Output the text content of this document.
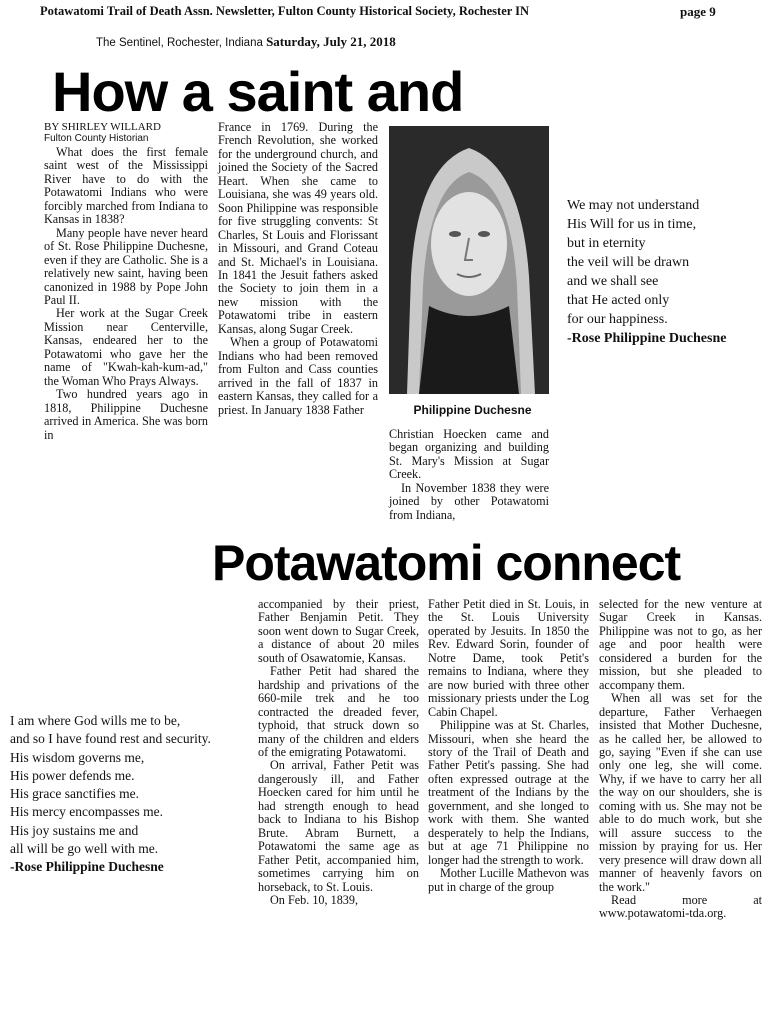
Potawatomi Trail of Death Assn. Newsletter, Fulton County Historical Society, Rochester IN	page 9
The Sentinel, Rochester, Indiana Saturday, July 21, 2018
How a saint and
BY SHIRLEY WILLARD
Fulton County Historian

What does the first female saint west of the Mississippi River have to do with the Potawatomi Indians who were forcibly marched from Indiana to Kansas in 1838?

Many people have never heard of St. Rose Philippine Duchesne, even if they are Catholic. She is a relatively new saint, having been canonized in 1988 by Pope John Paul II.

Her work at the Sugar Creek Mission near Centerville, Kansas, endeared her to the Potawatomi who gave her the name of "Kwah-kah-kum-ad," the Woman Who Prays Always.

Two hundred years ago in 1818, Philippine Duchesne arrived in America. She was born in

France in 1769. During the French Revolution, she worked for the underground church, and joined the Society of the Sacred Heart. When she came to Louisiana, she was 49 years old. Soon Philippine was responsible for five struggling convents: St Charles, St Louis and Florissant in Missouri, and Grand Coteau and St. Michael's in Louisiana. In 1841 the Jesuit fathers asked the Society to join them in a new mission with the Potawatomi tribe in eastern Kansas, along Sugar Creek.

When a group of Potawatomi Indians who had been removed from Fulton and Cass counties arrived in the fall of 1837 in eastern Kansas, they called for a priest. In January 1838 Father	Philippine Duchesne

Christian Hoecken came and began organizing and building St. Mary's Mission at Sugar Creek.

In November 1838 they were joined by other Potawatomi from Indiana,

We may not understand
His Will for us in time,
but in eternity
the veil will be drawn
and we shall see
that He acted only
for our happiness.
-Rose Philippine Duchesne
Potawatomi connect
I am where God wills me to be,
and so I have found rest and security.
His wisdom governs me,
His power defends me.
His grace sanctifies me.
His mercy encompasses me.
His joy sustains me and
all will be go well with me.
-Rose Philippine Duchesne

accompanied by their priest, Father Benjamin Petit. They soon went down to Sugar Creek, a distance of about 20 miles south of Osawatomie, Kansas.

Father Petit had shared the hardship and privations of the 660-mile trek and he too contracted the dreaded fever, typhoid, that struck down so many of the children and elders of the emigrating Potawatomi.

On arrival, Father Petit was dangerously ill, and Father Hoecken cared for him until he had strength enough to head back to Indiana to his Bishop Brute. Abram Burnett, a Potawatomi the same age as Father Petit, accompanied him, sometimes carrying him on horseback, to St. Louis.

On Feb. 10, 1839,

Father Petit died in St. Louis, in the St. Louis University operated by Jesuits. In 1850 the Rev. Edward Sorin, founder of Notre Dame, took Petit's remains to Indiana, where they are now buried with three other missionary priests under the Log Cabin Chapel.

Philippine was at St. Charles, Missouri, when she heard the story of the Trail of Death and Father Petit's passing. She had often expressed outrage at the treatment of the Indians by the government, and she longed to work with them. She wanted desperately to help the Indians, but at age 71 Philippine no longer had the strength to work.

Mother Lucille Mathevon was put in charge of the group

selected for the new venture at Sugar Creek in Kansas. Philippine was not to go, as her age and poor health were considered a burden for the mission, but she pleaded to accompany them.

When all was set for the departure, Father Verhaegen insisted that Mother Duchesne, as he called her, be allowed to go, saying "Even if she can use only one leg, she will come. Why, if we have to carry her all the way on our shoulders, she is coming with us. She may not be able to do much work, but she will assure success to the mission by praying for us. Her very presence will draw down all manner of heavenly favors on the work."

Read more at www.potawatomi-tda.org.
